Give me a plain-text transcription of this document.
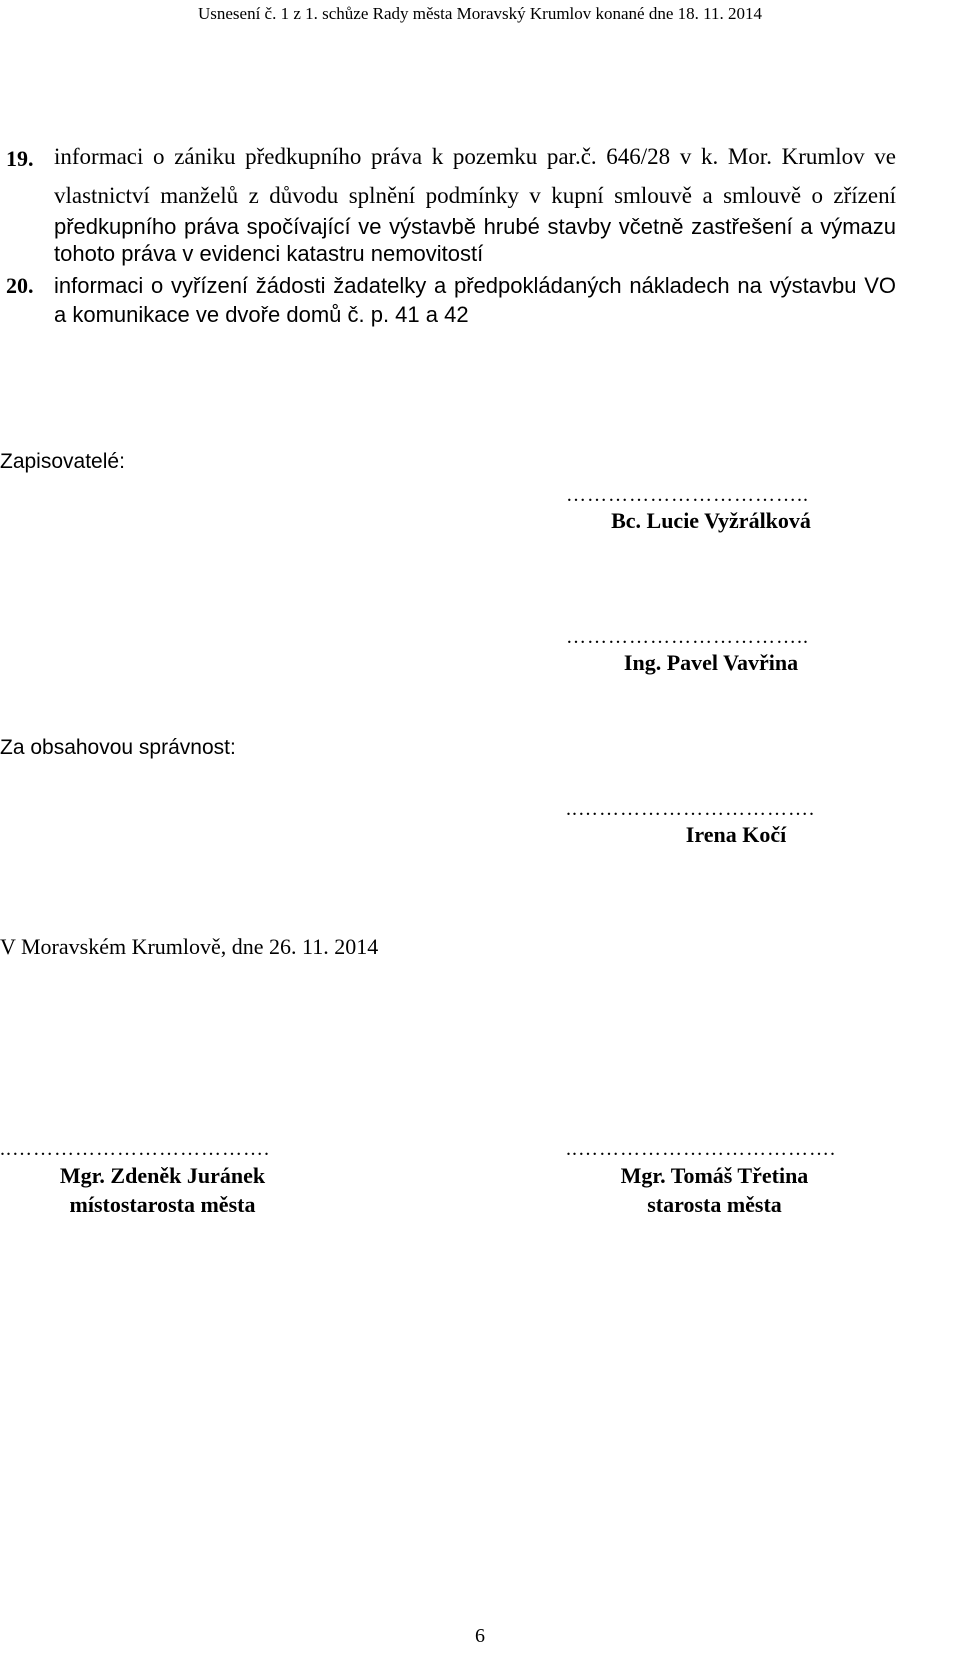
Usnesení č. 1 z 1. schůze Rady města Moravský Krumlov konané dne 18. 11. 2014
19. informaci o zániku předkupního práva k pozemku par.č. 646/28 v k. Mor. Krumlov ve
vlastnictví manželů z důvodu splnění podmínky v kupní smlouvě a smlouvě o zřízení
předkupního práva spočívající ve výstavbě hrubé stavby včetně zastřešení a výmazu
tohoto práva v evidenci katastru nemovitostí
20. informaci o vyřízení žádosti žadatelky a předpokládaných nákladech na výstavbu VO
a komunikace ve dvoře domů č. p. 41 a 42
Zapisovatelé:
……………………………..
Bc. Lucie Vyžrálková
……………………………..
Ing. Pavel Vavřina
Za obsahovou správnost:
..…………………………….
Irena Kočí
V Moravském Krumlově, dne 26. 11. 2014
..……………………………….
Mgr. Zdeněk Juránek
místostarosta města
..……………………………….
Mgr. Tomáš Třetina
starosta města
6
